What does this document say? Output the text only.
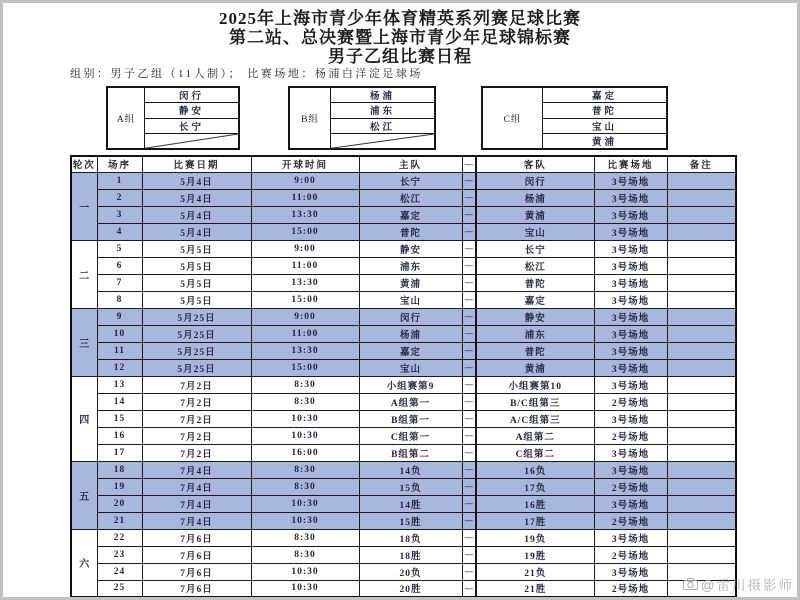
2025年上海市青少年体育精英系列赛足球比赛
第二站、总决赛暨上海市青少年足球锦标赛
男子乙组比赛日程
组别：男子乙组（11人制）； 比赛场地：杨浦白洋淀足球场
A组
闵行
静安
长宁
B组
杨浦
浦东
松江
C组
嘉定
普陀
宝山
黄浦
轮次	场序	比赛日期	开球时间	主队	—	客队	比赛场地	备注
一	1	5月4日	9:00	长宁	—	闵行	3号场地	
	2	5月4日	11:00	松江	—	杨浦	3号场地	
	3	5月4日	13:30	嘉定	—	黄浦	3号场地	
	4	5月4日	15:00	普陀	—	宝山	3号场地	
二	5	5月5日	9:00	静安	—	长宁	3号场地	
	6	5月5日	11:00	浦东	—	松江	3号场地	
	7	5月5日	13:30	黄浦	—	普陀	3号场地	
	8	5月5日	15:00	宝山	—	嘉定	3号场地	
三	9	5月25日	9:00	闵行	—	静安	3号场地	
	10	5月25日	11:00	杨浦	—	浦东	3号场地	
	11	5月25日	13:30	嘉定	—	普陀	3号场地	
	12	5月25日	15:00	宝山	—	黄浦	3号场地	
四	13	7月2日	8:30	小组赛第9	—	小组赛第10	3号场地	
	14	7月2日	8:30	A组第一	—	B/C组第三	2号场地	
	15	7月2日	10:30	B组第一	—	A/C组第三	3号场地	
	16	7月2日	10:30	C组第一	—	A组第二	2号场地	
	17	7月2日	16:00	B组第二	—	C组第二	3号场地	
五	18	7月4日	8:30	14负	—	16负	3号场地	
	19	7月4日	8:30	15负	—	17负	2号场地	
	20	7月4日	10:30	14胜	—	16胜	3号场地	
	21	7月4日	10:30	15胜	—	17胜	2号场地	
六	22	7月6日	8:30	18负	—	19负	3号场地	
	23	7月6日	8:30	18胜	—	19胜	2号场地	
	24	7月6日	10:30	20负	—	21负	3号场地	
	25	7月6日	10:30	20胜	—	21胜	2号场地		@雷川摄影师
